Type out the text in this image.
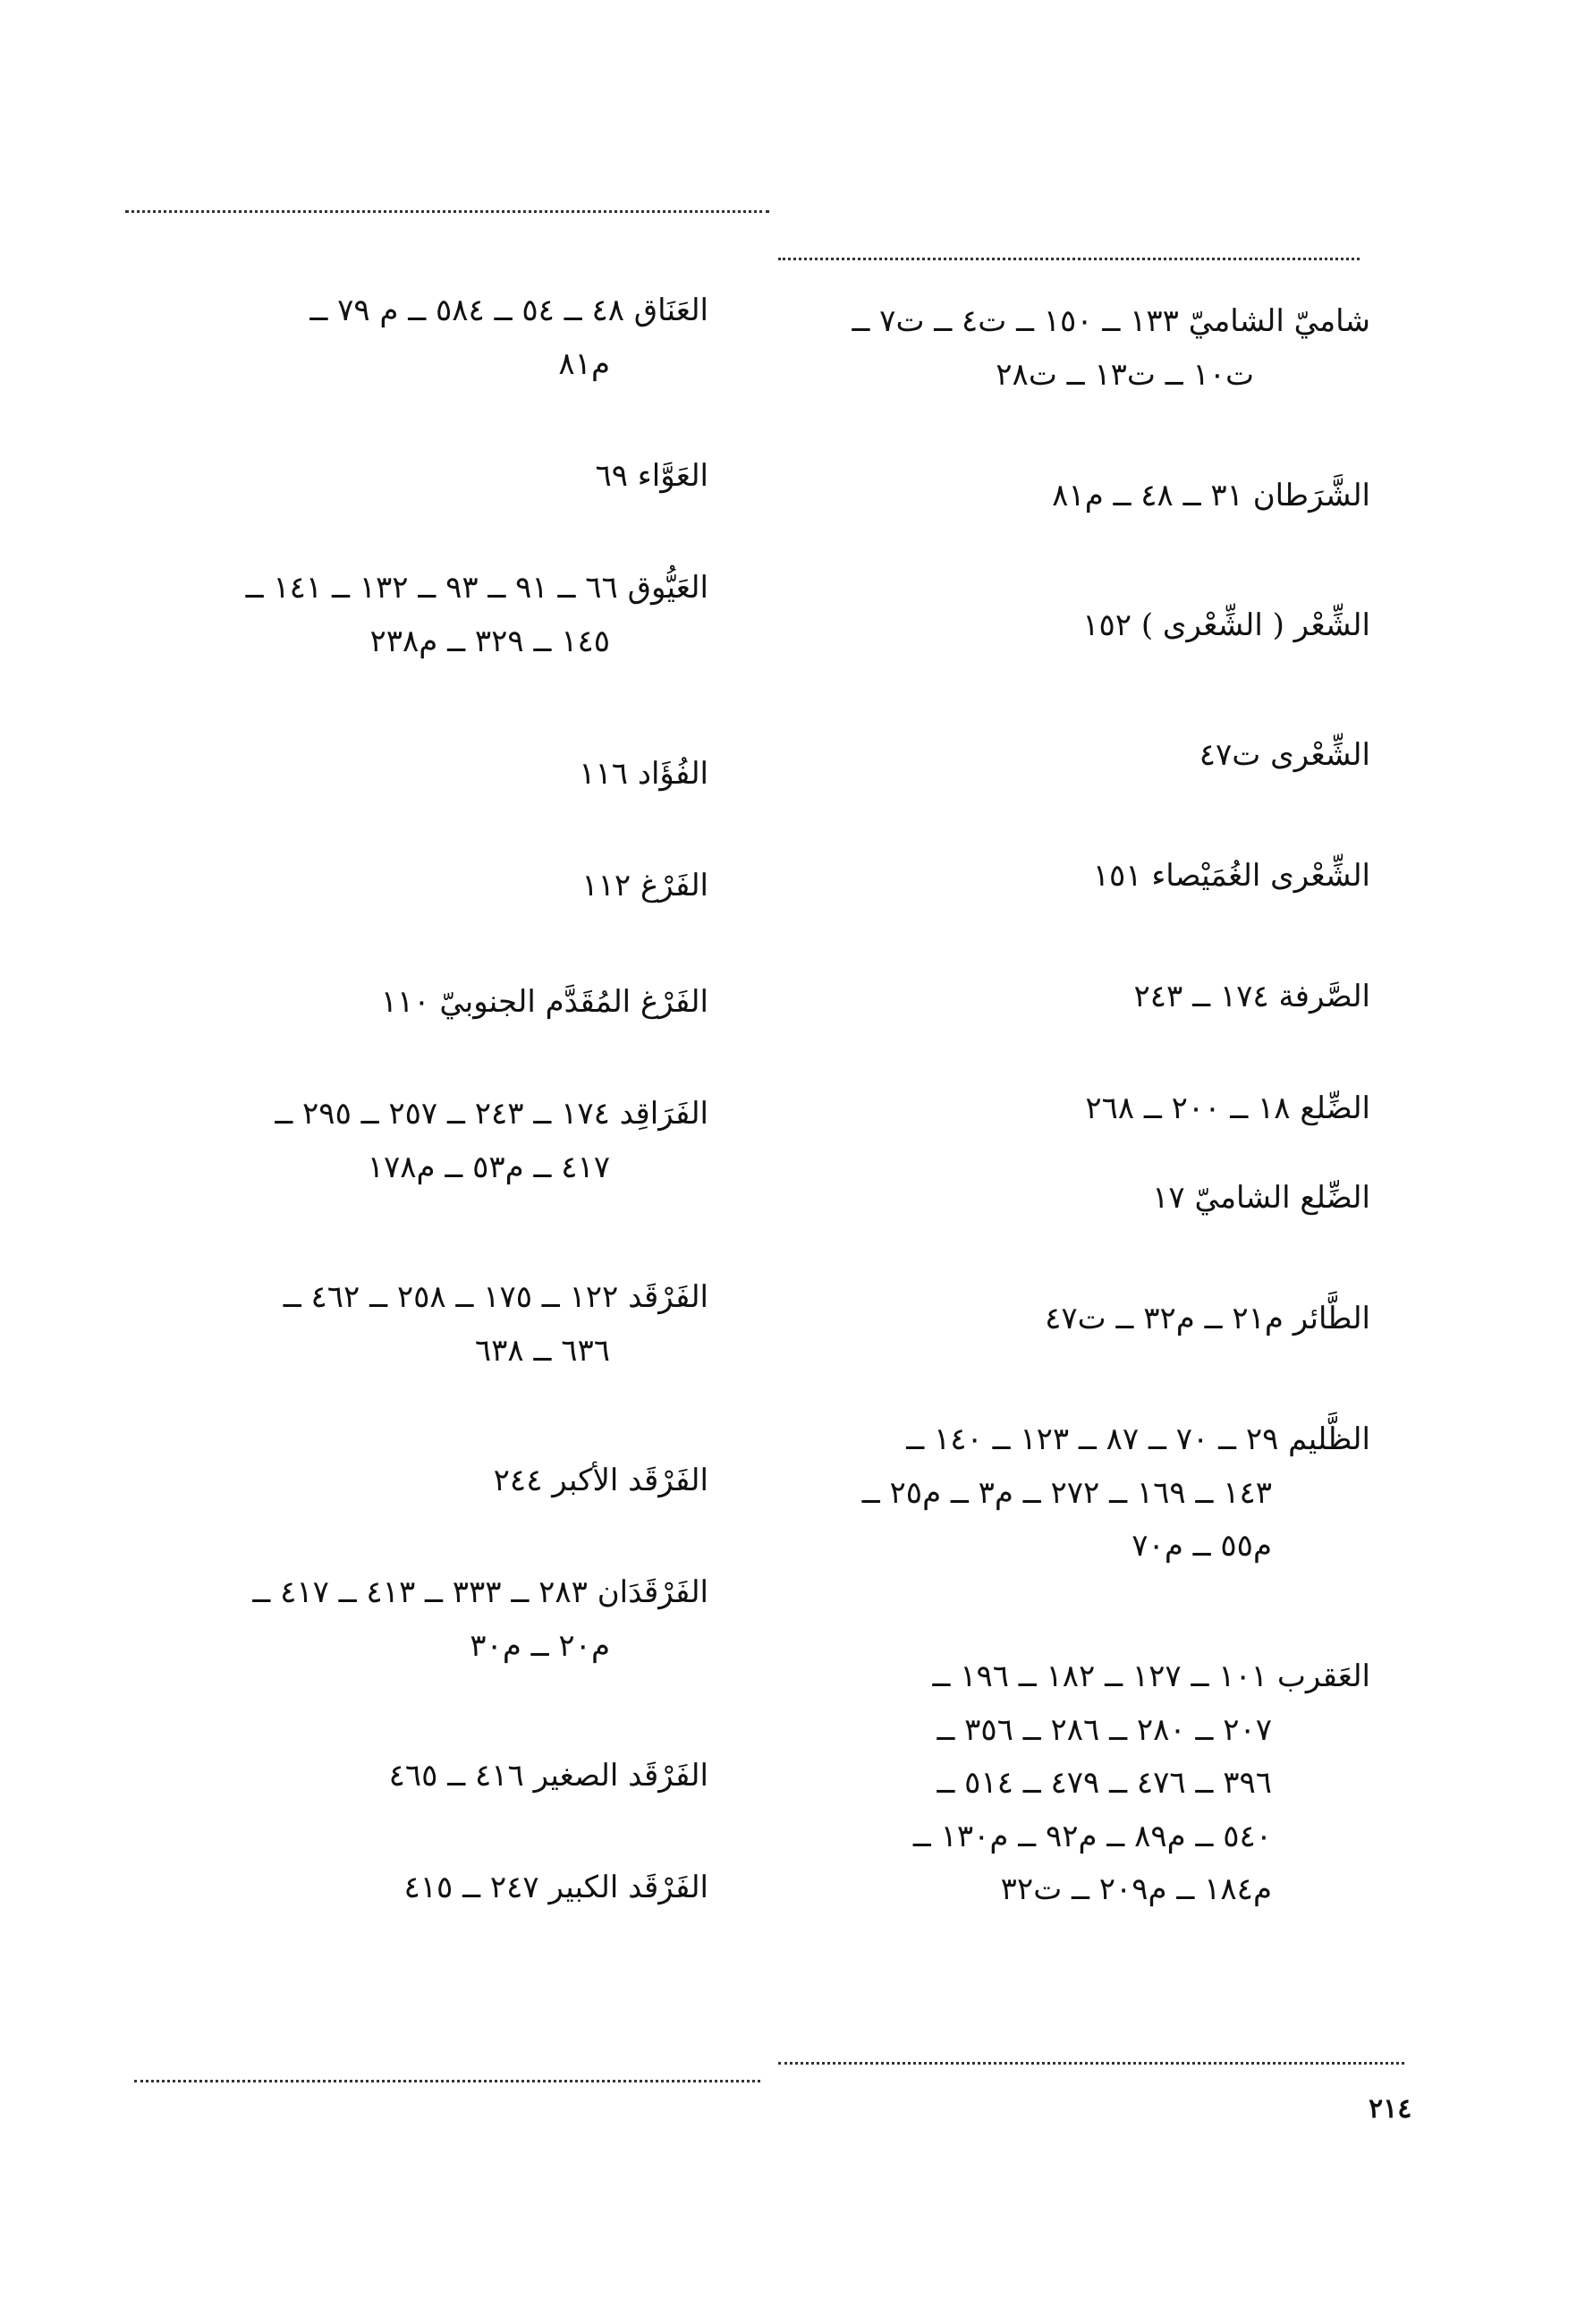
شاميّ الشاميّ ١٣٣ ــ ١٥٠ ــ ت٤ ــ ت٧ ــ
ت١٠ ــ ت١٣ ــ ت٢٨
الشَّرَطان ٣١ ــ ٤٨ ــ م٨١
الشِّعْر ( الشِّعْرى ) ١٥٢
الشِّعْرى ت٤٧
الشِّعْرى الغُمَيْصاء ١٥١
الصَّرفة ١٧٤ ــ ٢٤٣
الضِّلع ١٨ ــ ٢٠٠ ــ ٢٦٨
الضِّلع الشاميّ ١٧
الطَّائر م٢١ ــ م٣٢ ــ ت٤٧
الظَّليم ٢٩ ــ ٧٠ ــ ٨٧ ــ ١٢٣ ــ ١٤٠ ــ
١٤٣ ــ ١٦٩ ــ ٢٧٢ ــ م٣ ــ م٢٥ ــ
م٥٥ ــ م٧٠
العَقرب ١٠١ ــ ١٢٧ ــ ١٨٢ ــ ١٩٦ ــ
٢٠٧ ــ ٢٨٠ ــ ٢٨٦ ــ ٣٥٦ ــ
٣٩٦ ــ ٤٧٦ ــ ٤٧٩ ــ ٥١٤ ــ
٥٤٠ ــ م٨٩ ــ م٩٢ ــ م١٣٠ ــ
م١٨٤ ــ م٢٠٩ ــ ت٣٢
العَنَاق ٤٨ ــ ٥٤ ــ ٥٨٤ ــ م ٧٩ ــ
م٨١
العَوَّاء ٦٩
العَيُّوق ٦٦ ــ ٩١ ــ ٩٣ ــ ١٣٢ ــ ١٤١ ــ
١٤٥ ــ ٣٢٩ ــ م٢٣٨
الفُؤَاد ١١٦
الفَرْغ ١١٢
الفَرْغ المُقَدَّم الجنوبيّ ١١٠
الفَرَاقِد ١٧٤ ــ ٢٤٣ ــ ٢٥٧ ــ ٢٩٥ ــ
٤١٧ ــ م٥٣ ــ م١٧٨
الفَرْقَد ١٢٢ ــ ١٧٥ ــ ٢٥٨ ــ ٤٦٢ ــ
٦٣٦ ــ ٦٣٨
الفَرْقَد الأكبر ٢٤٤
الفَرْقَدَان ٢٨٣ ــ ٣٣٣ ــ ٤١٣ ــ ٤١٧ ــ
م٢٠ ــ م٣٠
الفَرْقَد الصغير ٤١٦ ــ ٤٦٥
الفَرْقَد الكبير ٢٤٧ ــ ٤١٥
٢١٤
